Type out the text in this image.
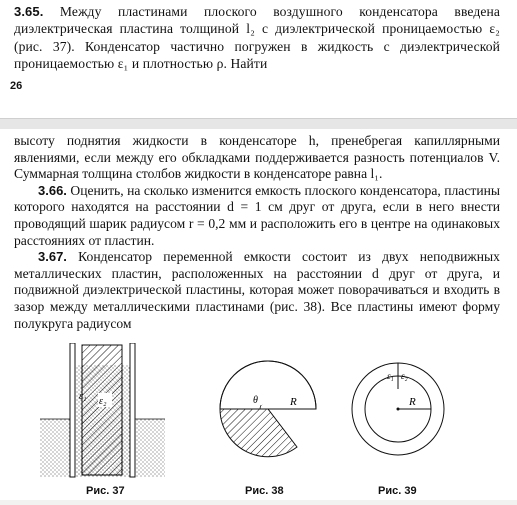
3.65. Между пластинами плоского воздушного конденсатора введена диэлектрическая пластина толщиной l₂ с диэлектрической проницаемостью ε₂ (рис. 37). Конденсатор частично погружен в жидкость с диэлектрической проницаемостью ε₁ и плотностью ρ. Найти
26

высоту поднятия жидкости в конденсаторе h, пренебрегая капиллярными явлениями, если между его обкладками поддерживается разность потенциалов V. Суммарная толщина столбов жидкости в конденсаторе равна l₁.

3.66. Оценить, на сколько изменится емкость плоского конденсатора, пластины которого находятся на расстоянии d = 1 см друг от друга, если в него внести проводящий шарик радиусом r = 0,2 мм и расположить его в центре на одинаковых расстояниях от пластин.

3.67. Конденсатор переменной емкости состоит из двух неподвижных металлических пластин, расположенных на расстоянии d друг от друга, и подвижной диэлектрической пластины, которая может поворачиваться и входить в зазор между металлическими пластинами (рис. 38). Все пластины имеют форму полукруга радиусом

ε₁ ε₂	θ	R
ε₁ ε₂
R
Рис. 37	Рис. 38	Рис. 39
